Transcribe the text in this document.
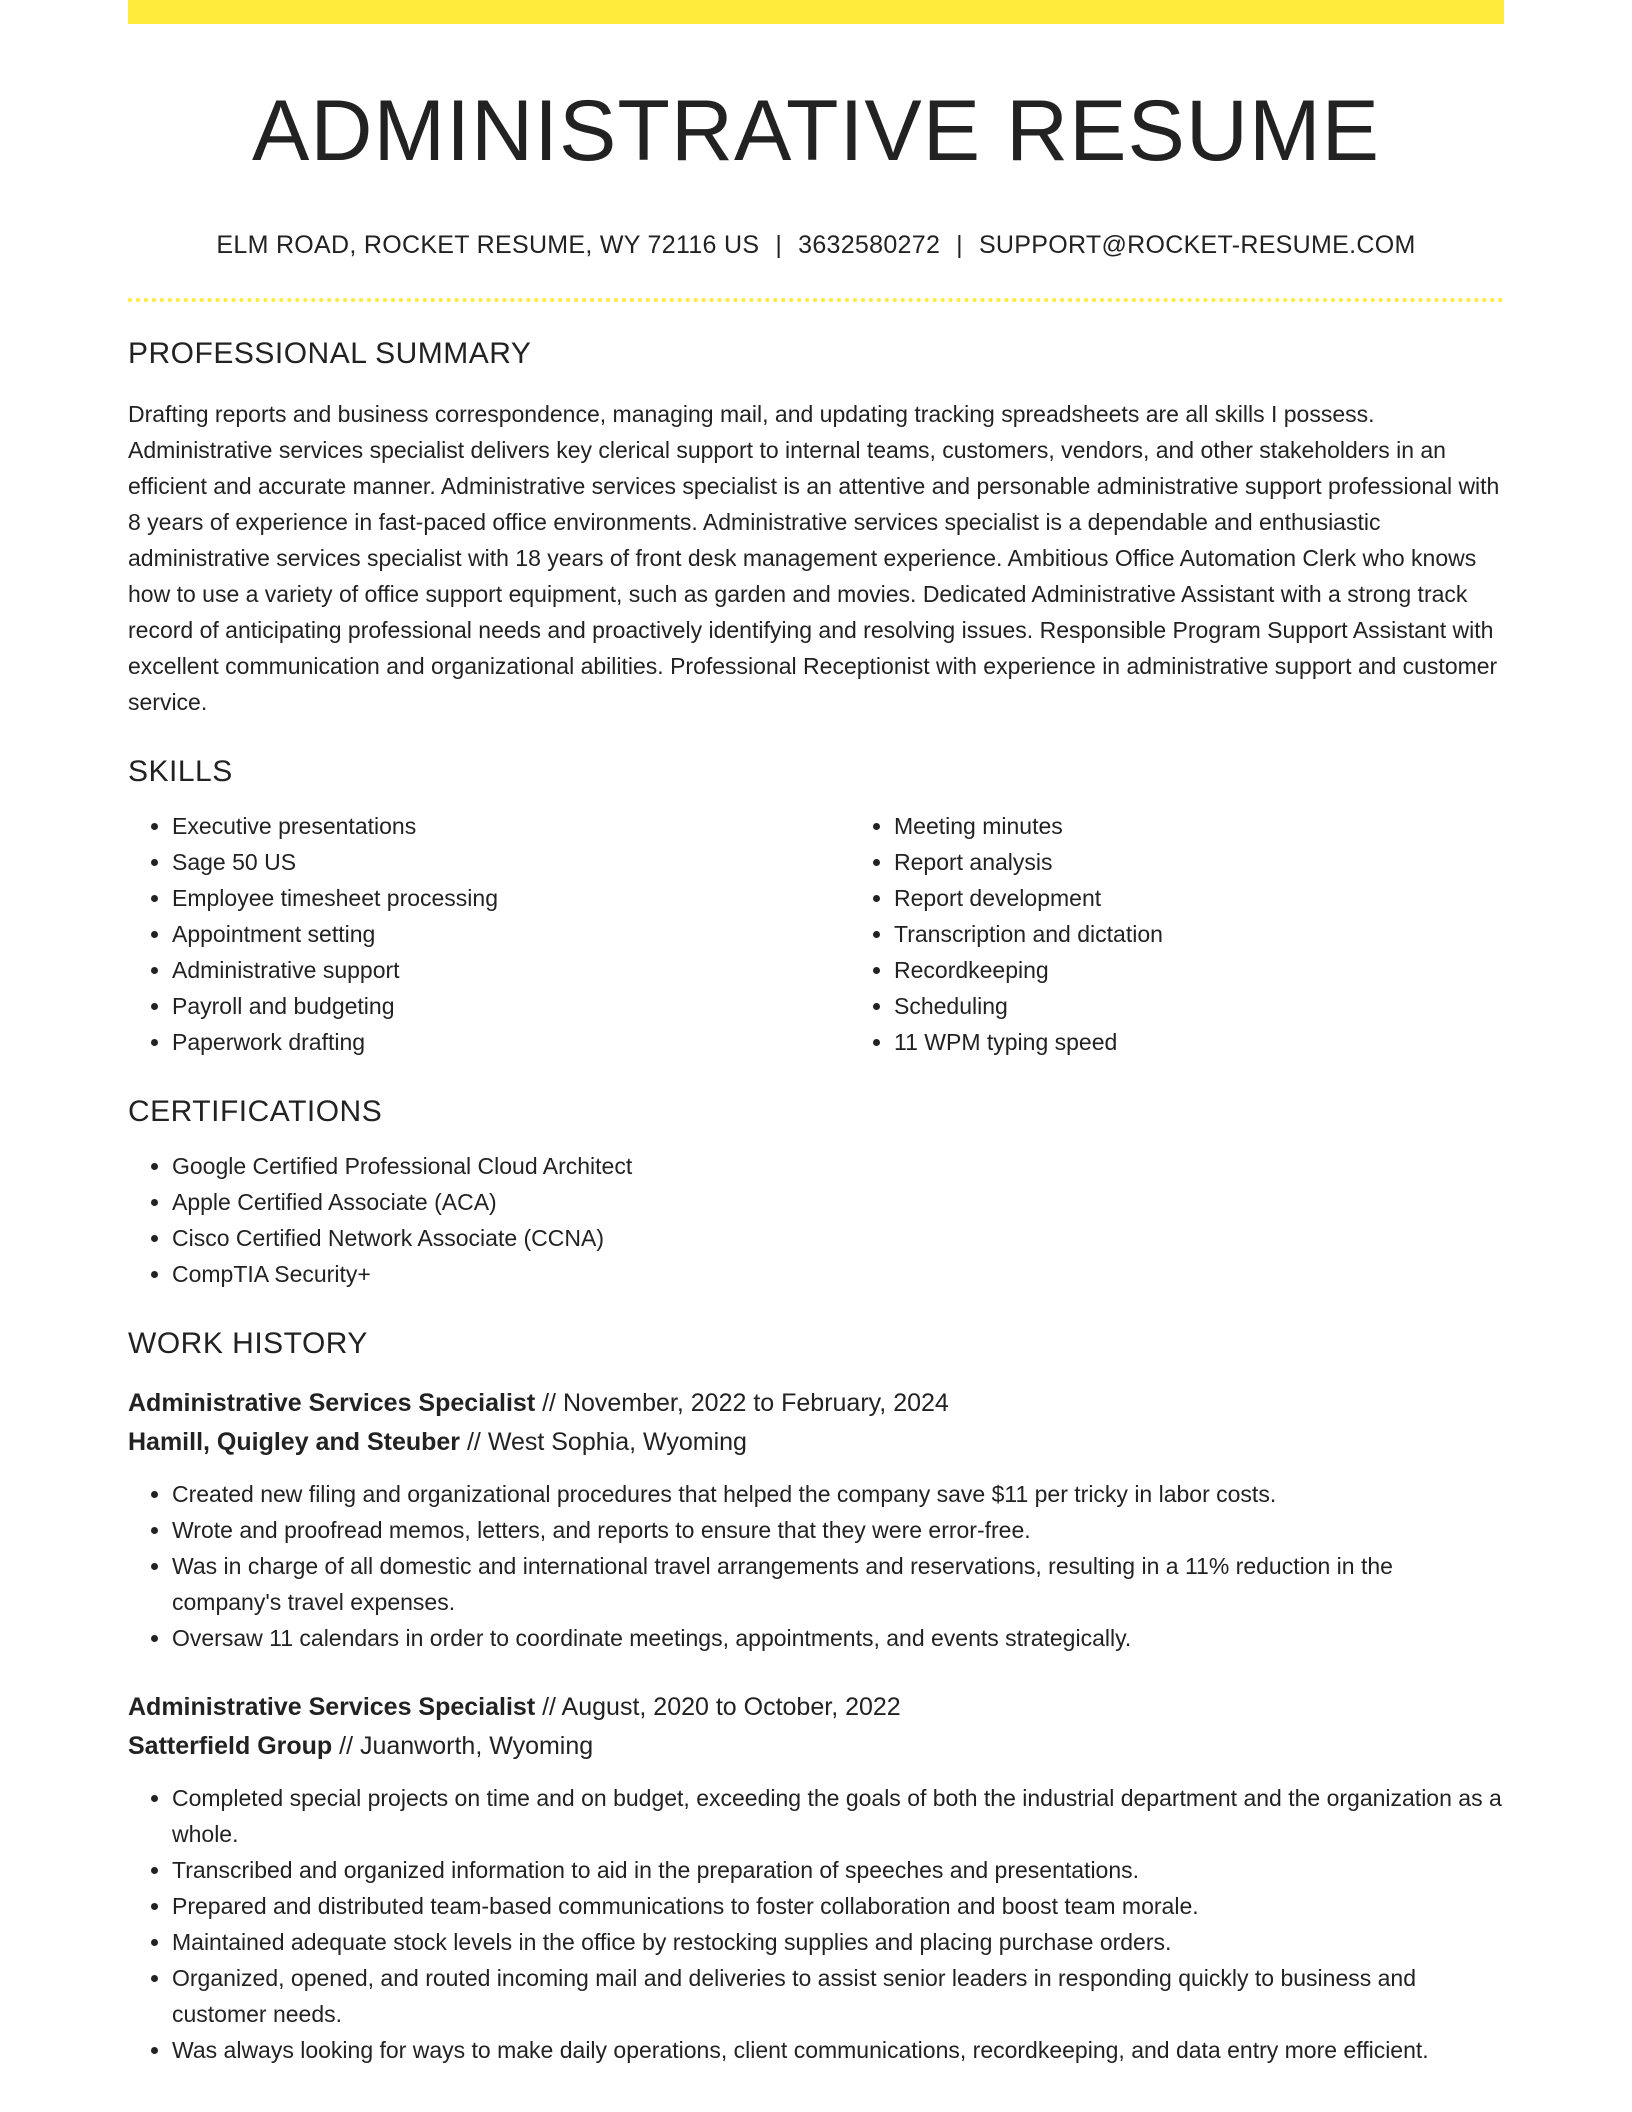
ADMINISTRATIVE RESUME
ELM ROAD, ROCKET RESUME, WY 72116 US | 3632580272 | SUPPORT@ROCKET-RESUME.COM
PROFESSIONAL SUMMARY

Drafting reports and business correspondence, managing mail, and updating tracking spreadsheets are all skills I possess. Administrative services specialist delivers key clerical support to internal teams, customers, vendors, and other stakeholders in an efficient and accurate manner. Administrative services specialist is an attentive and personable administrative support professional with 8 years of experience in fast-paced office environments. Administrative services specialist is a dependable and enthusiastic administrative services specialist with 18 years of front desk management experience. Ambitious Office Automation Clerk who knows how to use a variety of office support equipment, such as garden and movies. Dedicated Administrative Assistant with a strong track record of anticipating professional needs and proactively identifying and resolving issues. Responsible Program Support Assistant with excellent communication and organizational abilities. Professional Receptionist with experience in administrative support and customer service.

SKILLS
• Executive presentations
• Sage 50 US
• Employee timesheet processing
• Appointment setting
• Administrative support
• Payroll and budgeting
• Paperwork drafting
• Meeting minutes
• Report analysis
• Report development
• Transcription and dictation
• Recordkeeping
• Scheduling
• 11 WPM typing speed
CERTIFICATIONS
• Google Certified Professional Cloud Architect
• Apple Certified Associate (ACA)
• Cisco Certified Network Associate (CCNA)
• CompTIA Security+
WORK HISTORY
Administrative Services Specialist // November, 2022 to February, 2024
Hamill, Quigley and Steuber // West Sophia, Wyoming
• Created new filing and organizational procedures that helped the company save $11 per tricky in labor costs.
• Wrote and proofread memos, letters, and reports to ensure that they were error-free.
• Was in charge of all domestic and international travel arrangements and reservations, resulting in a 11% reduction in the company's travel expenses.
• Oversaw 11 calendars in order to coordinate meetings, appointments, and events strategically.
Administrative Services Specialist // August, 2020 to October, 2022
Satterfield Group // Juanworth, Wyoming
• Completed special projects on time and on budget, exceeding the goals of both the industrial department and the organization as a whole.
• Transcribed and organized information to aid in the preparation of speeches and presentations.
• Prepared and distributed team-based communications to foster collaboration and boost team morale.
• Maintained adequate stock levels in the office by restocking supplies and placing purchase orders.
• Organized, opened, and routed incoming mail and deliveries to assist senior leaders in responding quickly to business and customer needs.
• Was always looking for ways to make daily operations, client communications, recordkeeping, and data entry more efficient.
